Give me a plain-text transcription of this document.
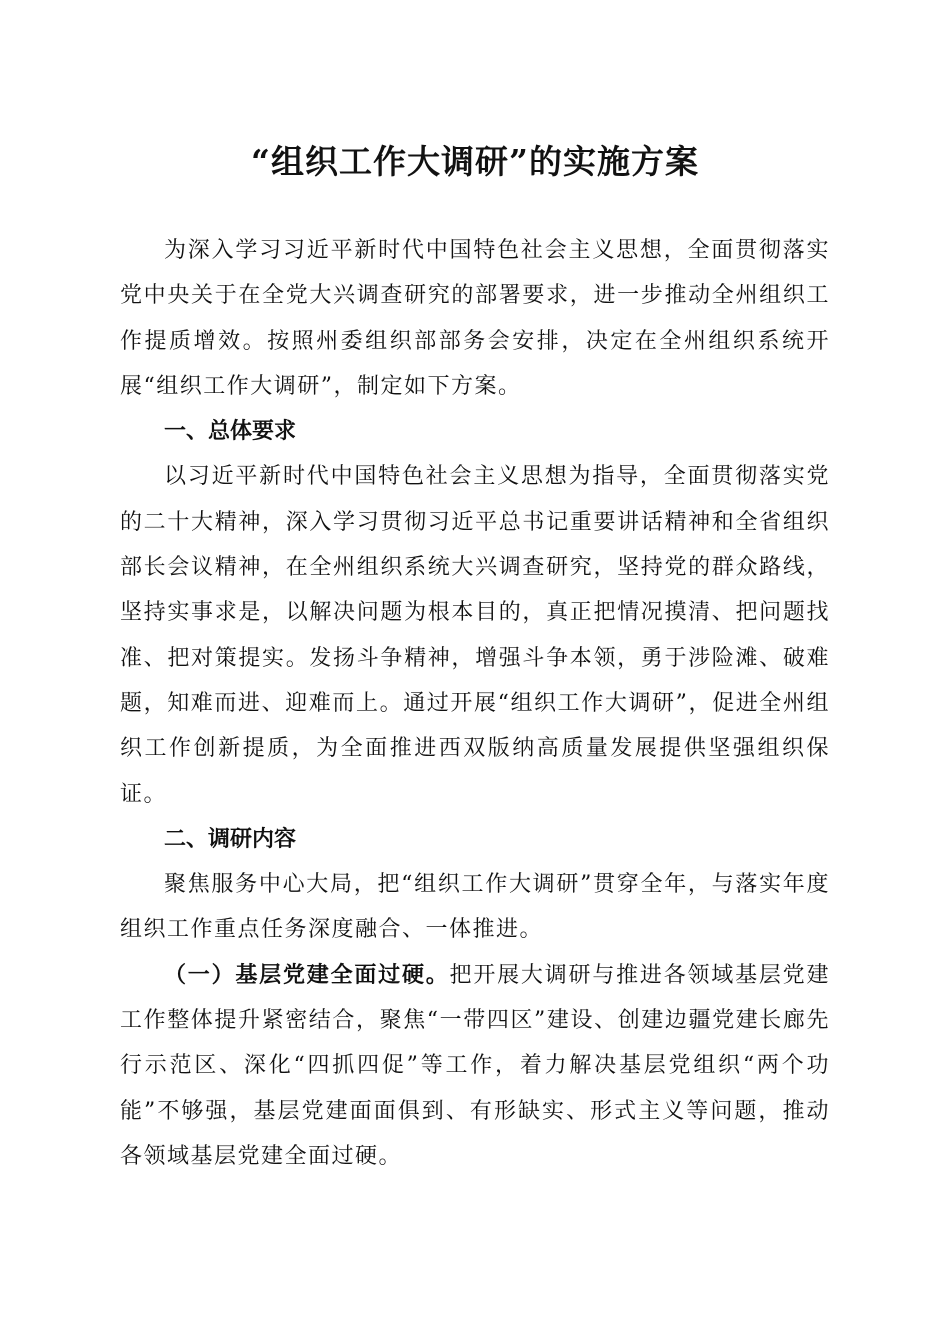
“组织工作大调研”的实施方案

为深入学习习近平新时代中国特色社会主义思想，全面贯彻落实党中央关于在全党大兴调查研究的部署要求，进一步推动全州组织工作提质增效。按照州委组织部部务会安排，决定在全州组织系统开展“组织工作大调研”，制定如下方案。

一、总体要求

以习近平新时代中国特色社会主义思想为指导，全面贯彻落实党的二十大精神，深入学习贯彻习近平总书记重要讲话精神和全省组织部长会议精神，在全州组织系统大兴调查研究，坚持党的群众路线，坚持实事求是，以解决问题为根本目的，真正把情况摸清、把问题找准、把对策提实。发扬斗争精神，增强斗争本领，勇于涉险滩、破难题，知难而进、迎难而上。通过开展“组织工作大调研”，促进全州组织工作创新提质，为全面推进西双版纳高质量发展提供坚强组织保证。

二、调研内容

聚焦服务中心大局，把“组织工作大调研”贯穿全年，与落实年度组织工作重点任务深度融合、一体推进。

（一）基层党建全面过硬。把开展大调研与推进各领域基层党建工作整体提升紧密结合，聚焦“一带四区”建设、创建边疆党建长廊先行示范区、深化“四抓四促”等工作，着力解决基层党组织“两个功能”不够强，基层党建面面俱到、有形缺实、形式主义等问题，推动各领域基层党建全面过硬。
